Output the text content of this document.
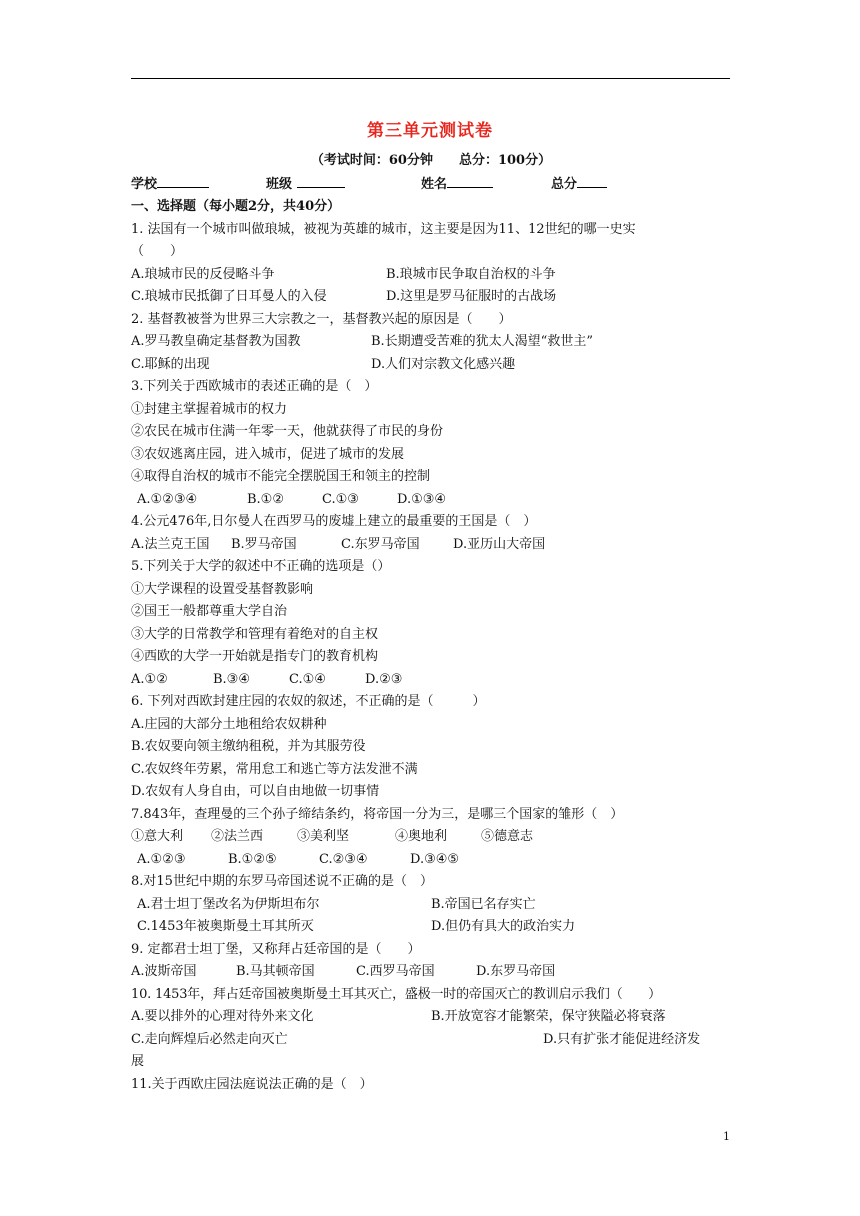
第三单元测试卷
（考试时间：60分钟　　总分：100分）
学校	班级	姓名	总分
一、选择题（每小题2分，共40分）
1. 法国有一个城市叫做琅城，被视为英雄的城市，这主要是因为11、12世纪的哪一史实
（　　）
A.琅城市民的反侵略斗争	B.琅城市民争取自治权的斗争
C.琅城市民抵御了日耳曼人的入侵	D.这里是罗马征服时的古战场
2. 基督教被誉为世界三大宗教之一，基督教兴起的原因是（　　）
A.罗马教皇确定基督教为国教	B.长期遭受苦难的犹太人渴望“救世主”
C.耶稣的出现	D.人们对宗教文化感兴趣
3.下列关于西欧城市的表述正确的是（　）
①封建主掌握着城市的权力
②农民在城市住满一年零一天，他就获得了市民的身份
③农奴逃离庄园，进入城市，促进了城市的发展
④取得自治权的城市不能完全摆脱国王和领主的控制
A.①②③④	B.①②	C.①③	D.①③④
4.公元476年,日尔曼人在西罗马的废墟上建立的最重要的王国是（　）
A.法兰克王国	B.罗马帝国	C.东罗马帝国	D.亚历山大帝国
5.下列关于大学的叙述中不正确的选项是（）
①大学课程的设置受基督教影响
②国王一般都尊重大学自治
③大学的日常教学和管理有着绝对的自主权
④西欧的大学一开始就是指专门的教育机构
A.①②	B.③④	C.①④	D.②③
6. 下列对西欧封建庄园的农奴的叙述，不正确的是（　　　）
A.庄园的大部分土地租给农奴耕种
B.农奴要向领主缴纳租税，并为其服劳役
C.农奴终年劳累，常用怠工和逃亡等方法发泄不满
D.农奴有人身自由，可以自由地做一切事情
7.843年，查理曼的三个孙子缔结条约，将帝国一分为三，是哪三个国家的雏形（　）
①意大利	②法兰西	③美利坚	④奥地利	⑤德意志
A.①②③	B.①②⑤	C.②③④	D.③④⑤
8.对15世纪中期的东罗马帝国述说不正确的是（　）
A.君士坦丁堡改名为伊斯坦布尔	B.帝国已名存实亡
C.1453年被奥斯曼土耳其所灭	D.但仍有具大的政治实力
9. 定都君士坦丁堡，又称拜占廷帝国的是（　　）
A.波斯帝国	B.马其顿帝国	C.西罗马帝国	D.东罗马帝国
10. 1453年，拜占廷帝国被奥斯曼土耳其灭亡，盛极一时的帝国灭亡的教训启示我们（　　）
A.要以排外的心理对待外来文化	B.开放宽容才能繁荣，保守狭隘必将衰落
C.走向辉煌后必然走向灭亡	D.只有扩张才能促进经济发
展
11.关于西欧庄园法庭说法正确的是（　）
1
